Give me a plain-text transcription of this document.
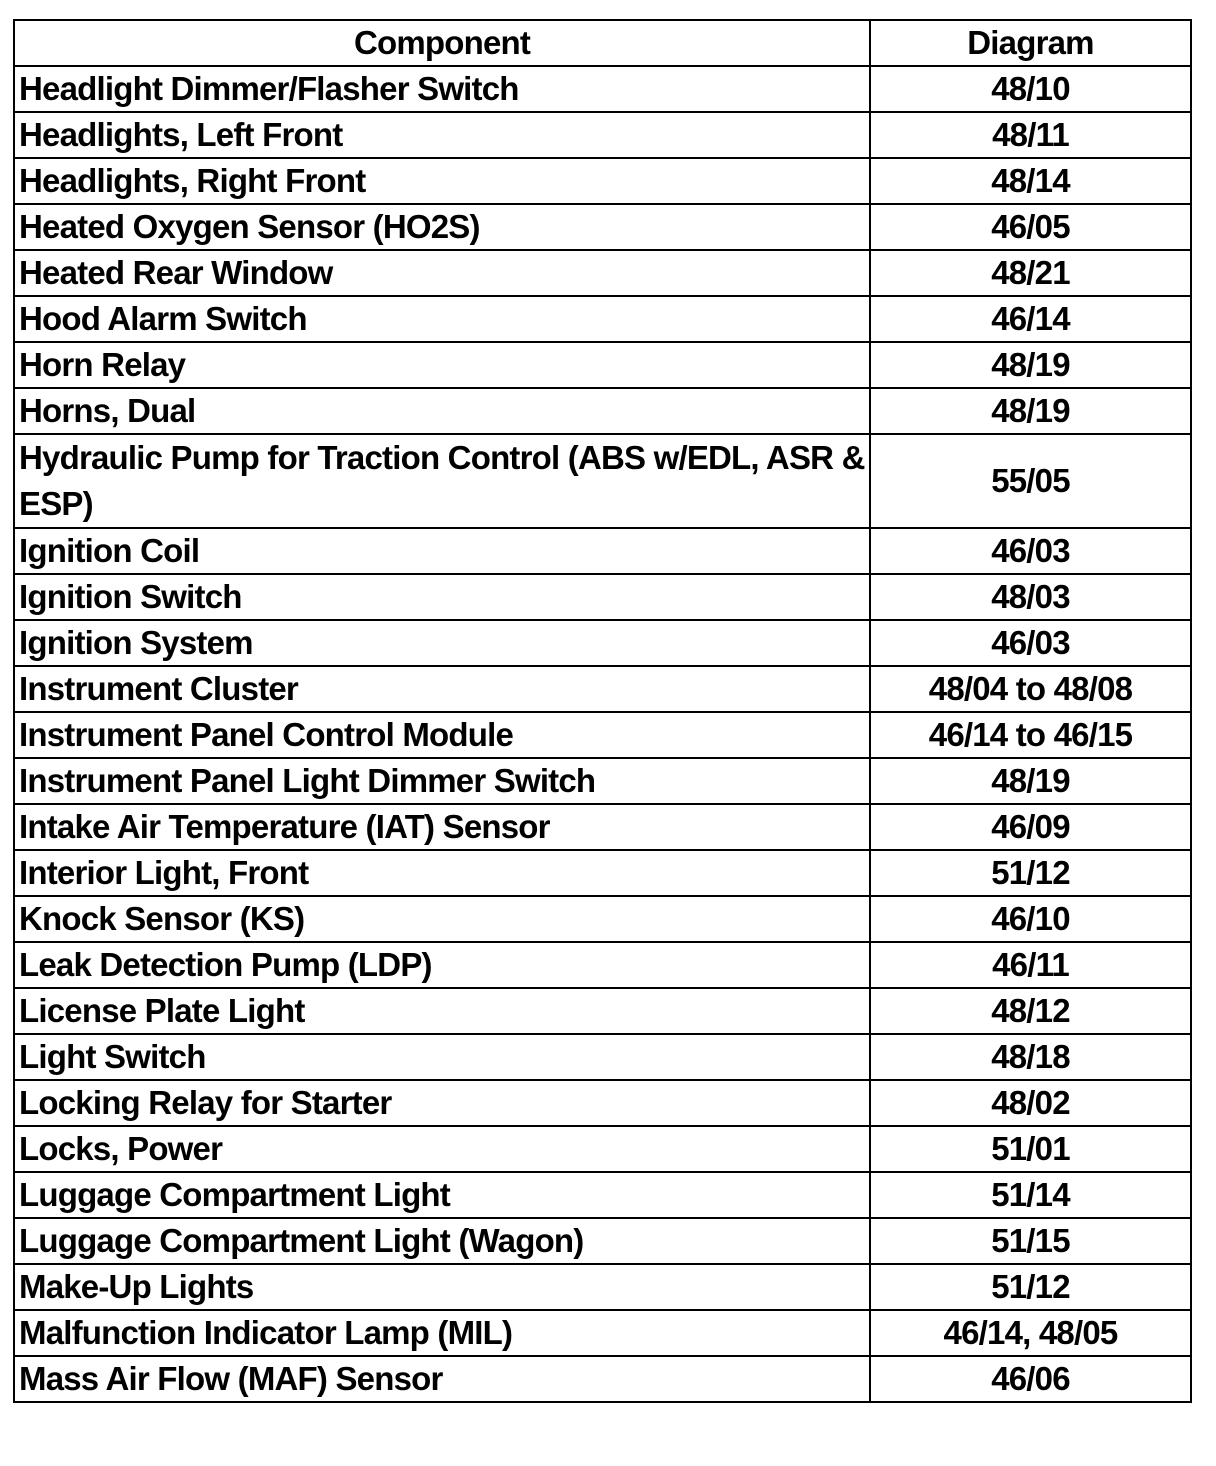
Component	Diagram
Headlight Dimmer/Flasher Switch	48/10
Headlights, Left Front	48/11
Headlights, Right Front	48/14
Heated Oxygen Sensor (HO2S)	46/05
Heated Rear Window	48/21
Hood Alarm Switch	46/14
Horn Relay	48/19
Horns, Dual	48/19
Hydraulic Pump for Traction Control (ABS w/EDL, ASR & ESP)	55/05
Ignition Coil	46/03
Ignition Switch	48/03
Ignition System	46/03
Instrument Cluster	48/04 to 48/08
Instrument Panel Control Module	46/14 to 46/15
Instrument Panel Light Dimmer Switch	48/19
Intake Air Temperature (IAT) Sensor	46/09
Interior Light, Front	51/12
Knock Sensor (KS)	46/10
Leak Detection Pump (LDP)	46/11
License Plate Light	48/12
Light Switch	48/18
Locking Relay for Starter	48/02
Locks, Power	51/01
Luggage Compartment Light	51/14
Luggage Compartment Light (Wagon)	51/15
Make-Up Lights	51/12
Malfunction Indicator Lamp (MIL)	46/14, 48/05
Mass Air Flow (MAF) Sensor	46/06
